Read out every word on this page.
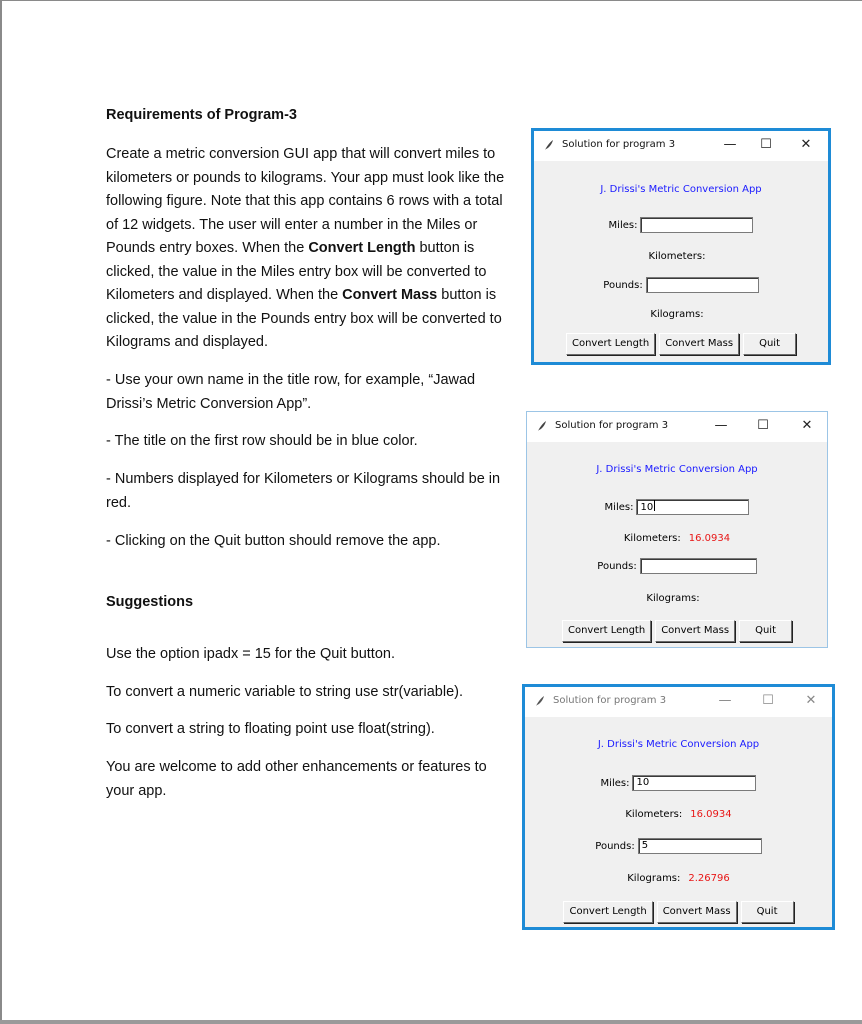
Requirements of Program-3
Create a metric conversion GUI app that will convert miles to kilometers or pounds to kilograms. Your app must look like the following figure. Note that this app contains 6 rows with a total of 12 widgets. The user will enter a number in the Miles or Pounds entry boxes. When the Convert Length button is clicked, the value in the Miles entry box will be converted to Kilometers and displayed. When the Convert Mass button is clicked, the value in the Pounds entry box will be converted to Kilograms and displayed.
- Use your own name in the title row, for example, “Jawad Drissi’s Metric Conversion App”.
- The title on the first row should be in blue color.
- Numbers displayed for Kilometers or Kilograms should be in red.
- Clicking on the Quit button should remove the app.
Suggestions
Use the option ipadx = 15 for the Quit button.
To convert a numeric variable to string use str(variable).
To convert a string to floating point use float(string).
You are welcome to add other enhancements or features to your app.
Solution for program 3	—	☐	✕
J. Drissi's Metric Conversion App
Miles:
Kilometers:
Pounds:
Kilograms:
Convert Length Convert Mass	Quit
Solution for program 3	—	☐	✕
J. Drissi's Metric Conversion App
Miles: 10
Kilometers: 16.0934
Pounds:
Kilograms:
Convert Length Convert Mass	Quit
Solution for program 3	—	☐	✕
J. Drissi's Metric Conversion App
Miles: 10
Kilometers: 16.0934
Pounds: 5
Kilograms: 2.26796
Convert Length Convert Mass	Quit
